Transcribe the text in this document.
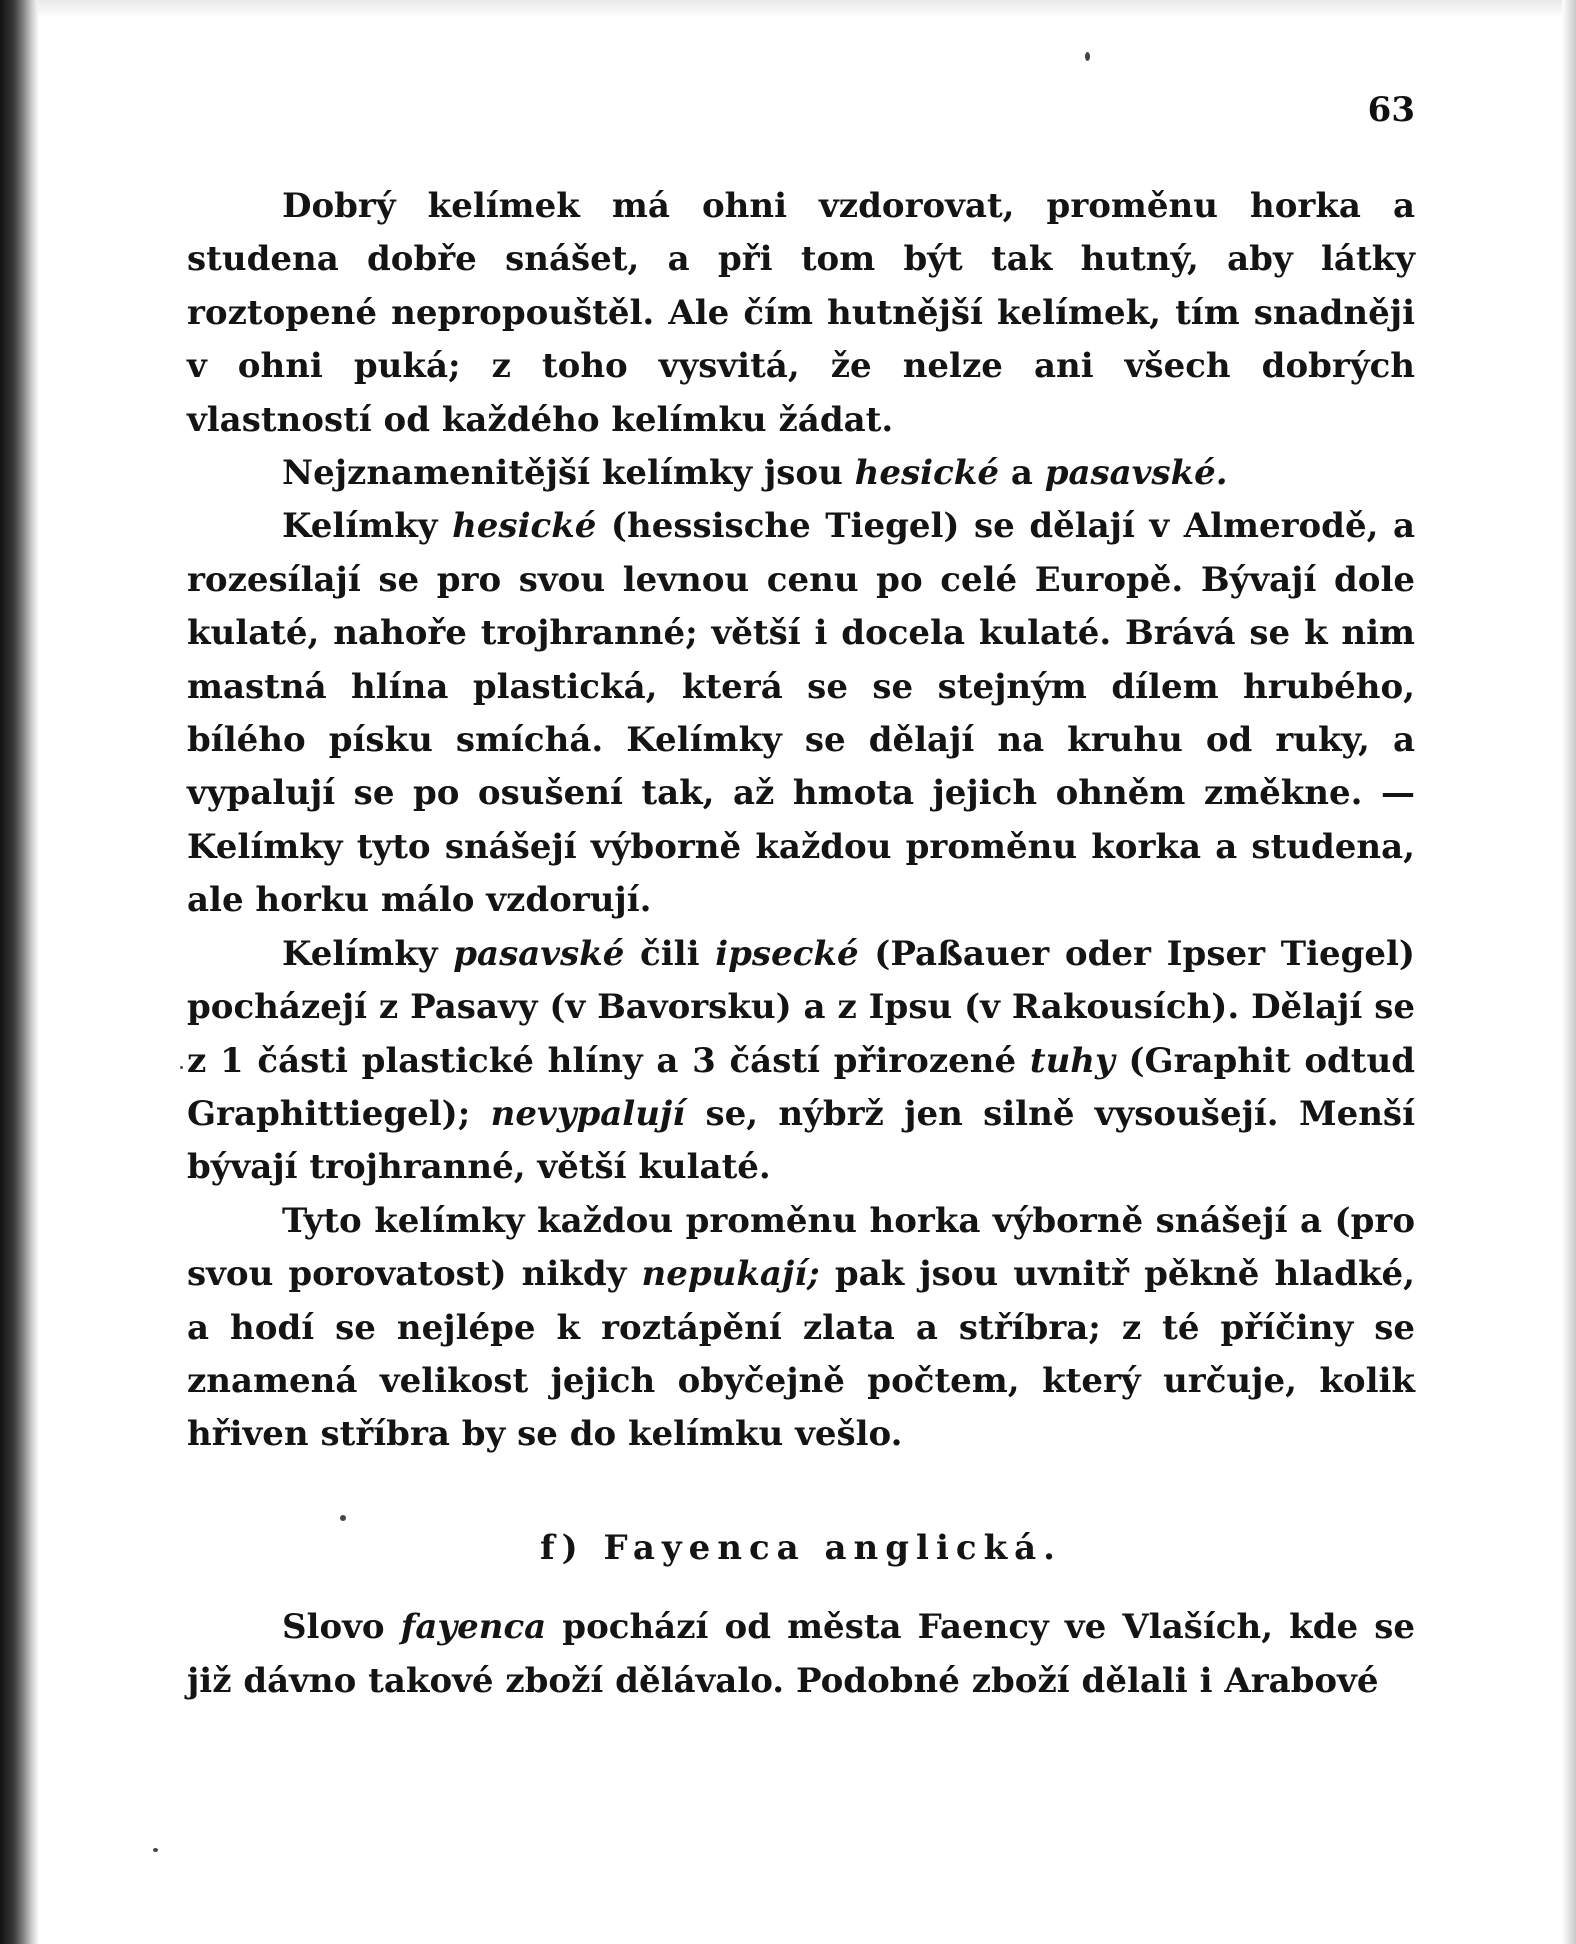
63

Dobrý kelímek má ohni vzdorovat, proměnu horka a studena dobře snášet, a při tom být tak hutný, aby látky roztopené nepropouštěl. Ale čím hutnější kelímek, tím snadněji v ohni puká; z toho vysvitá, že nelze ani všech dobrých vlastností od každého kelímku žádat.

Nejznamenitější kelímky jsou hesické a pasavské.

Kelímky hesické (hessische Tiegel) se dělají v Almerodě, a rozesílají se pro svou levnou cenu po celé Europě. Bývají dole kulaté, nahoře trojhranné; větší i docela kulaté. Brává se k nim mastná hlína plastická, která se se stejným dílem hrubého, bílého písku smíchá. Kelímky se dělají na kruhu od ruky, a vypalují se po osušení tak, až hmota jejich ohněm změkne. — Kelímky tyto snášejí výborně každou proměnu korka a studena, ale horku málo vzdorují.

Kelímky pasavské čili ipsecké (Paßauer oder Ipser Tiegel) pocházejí z Pasavy (v Bavorsku) a z Ipsu (v Rakousích). Dělají se z 1 části plastické hlíny a 3 částí přirozené tuhy (Graphit odtud Graphittiegel); nevypalují se, nýbrž jen silně vysoušejí. Menší bývají trojhranné, větší kulaté.

Tyto kelímky každou proměnu horka výborně snášejí a (pro svou porovatost) nikdy nepukají; pak jsou uvnitř pěkně hladké, a hodí se nejlépe k roztápění zlata a stříbra; z té příčiny se znamená velikost jejich obyčejně počtem, který určuje, kolik hřiven stříbra by se do kelímku vešlo.

f) Fayenca anglická.

Slovo fayenca pochází od města Faency ve Vlaších, kde se již dávno takové zboží dělávalo. Podobné zboží dělali i Arabové
